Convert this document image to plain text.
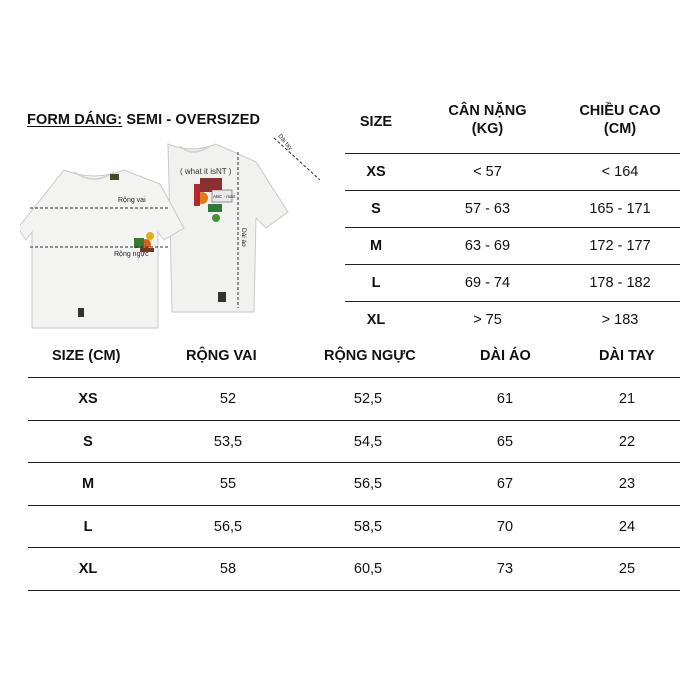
FORM DÁNG: SEMI - OVERSIZED
( what it isNT )
ABC · mart
Rộng vai
Rộng ngực
Dài áo
Dài tay
SIZE
CÂN NẶNG
(KG)
CHIỀU CAO
(CM)
XS	< 57	< 164
S	57 - 63	165 - 171
M	63 - 69	172 - 177
L	69 - 74	178 - 182
XL	> 75	> 183
SIZE (CM)	RỘNG VAI	RỘNG NGỰC	DÀI ÁO	DÀI TAY
XS	52	52,5	61	21
S	53,5	54,5	65	22
M	55	56,5	67	23
L	56,5	58,5	70	24
XL	58	60,5	73	25
